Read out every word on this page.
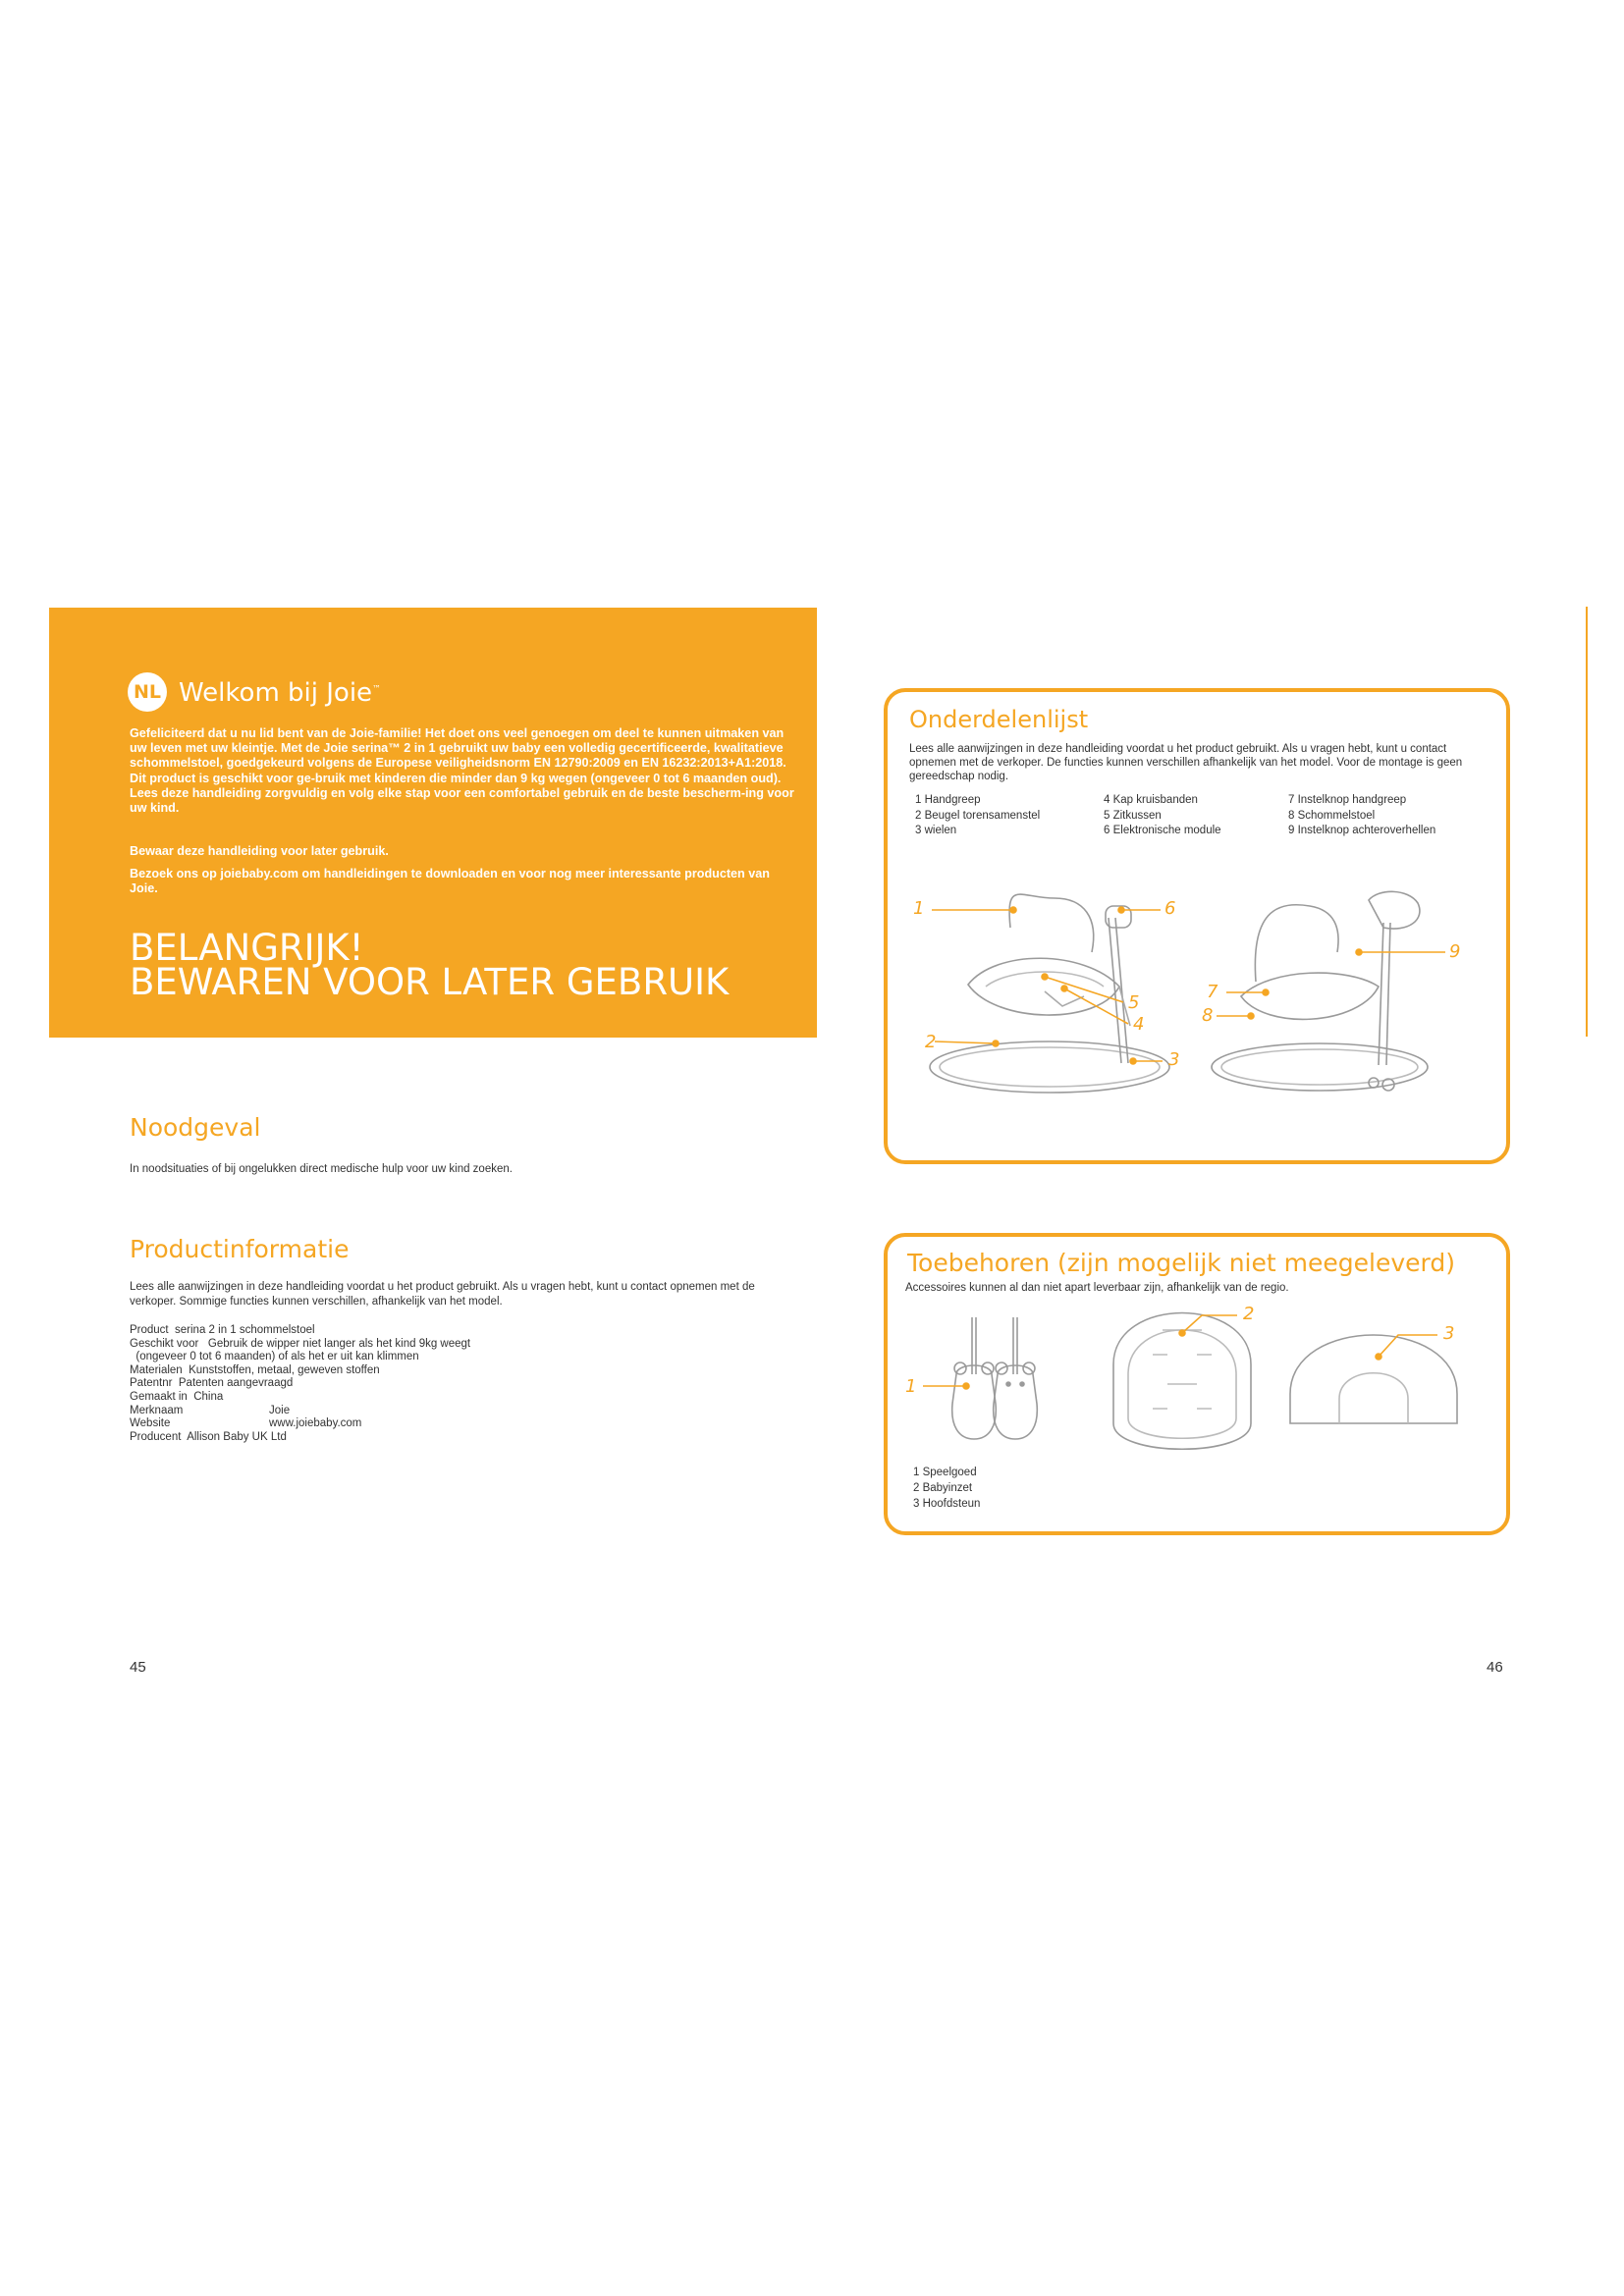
NL Welkom bij Joie™

Gefeliciteerd dat u nu lid bent van de Joie-familie! Het doet ons veel genoegen om deel te kunnen uitmaken van uw leven met uw kleintje. Met de Joie serina™ 2 in 1 gebruikt uw baby een volledig gecertificeerde, kwalitatieve schommelstoel, goedgekeurd volgens de Europese veiligheidsnorm EN 12790:2009 en EN 16232:2013+A1:2018. Dit product is geschikt voor ge-bruik met kinderen die minder dan 9 kg wegen (ongeveer 0 tot 6 maanden oud). Lees deze handleiding zorgvuldig en volg elke stap voor een comfortabel gebruik en de beste bescherm-ing voor uw kind.

Bewaar deze handleiding voor later gebruik.

Bezoek ons op joiebaby.com om handleidingen te downloaden en voor nog meer interessante producten van Joie.

BELANGRIJK!
BEWAREN VOOR LATER GEBRUIK
Noodgeval

In noodsituaties of bij ongelukken direct medische hulp voor uw kind zoeken.

Productinformatie

Lees alle aanwijzingen in deze handleiding voordat u het product gebruikt. Als u vragen hebt, kunt u contact opnemen met de verkoper. Sommige functies kunnen verschillen, afhankelijk van het model.

Product serina 2 in 1 schommelstoel
Geschikt voor Gebruik de wipper niet langer als het kind 9kg weegt
(ongeveer 0 tot 6 maanden) of als het er uit kan klimmen
Materialen Kunststoffen, metaal, geweven stoffen
Patentnr Patenten aangevraagd
Gemaakt in China
Merknaam	Joie
Website	www.joiebaby.com
Producent Allison Baby UK Ltd
45
Onderdelenlijst

Lees alle aanwijzingen in deze handleiding voordat u het product gebruikt. Als u vragen hebt, kunt u contact opnemen met de verkoper. De functies kunnen verschillen afhankelijk van het model. Voor de montage is geen gereedschap nodig.

1 Handgreep
2 Beugel torensamenstel
3 wielen
4 Kap kruisbanden
5 Zitkussen
6 Elektronische module
7 Instelknop handgreep
8 Schommelstoel
9 Instelknop achteroverhellen
1
2
3
4
5
6
7
8
9
Toebehoren (zijn mogelijk niet meegeleverd)
Accessoires kunnen al dan niet apart leverbaar zijn, afhankelijk van de regio.
1
2
3
1 Speelgoed
2 Babyinzet
3 Hoofdsteun
46
